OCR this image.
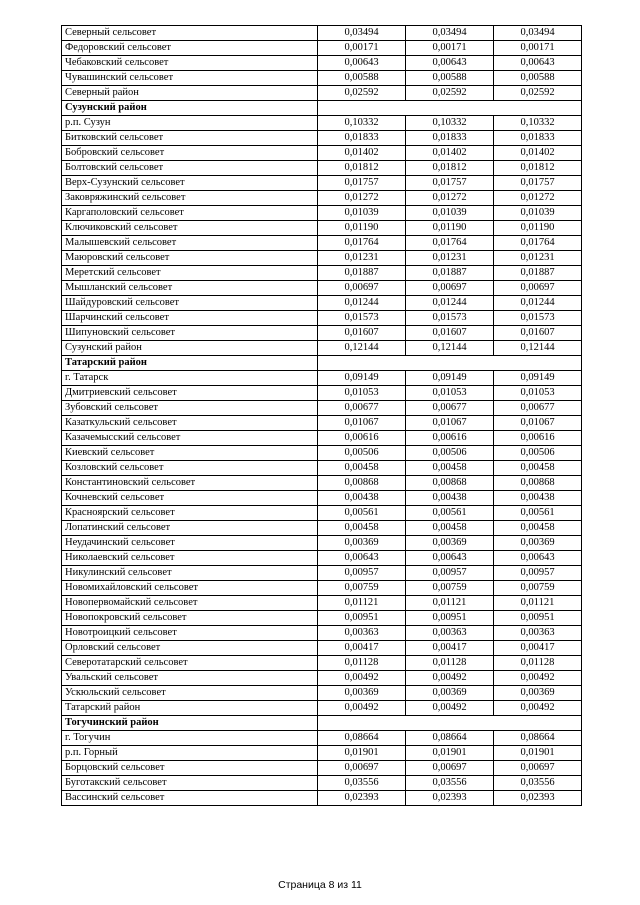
Северный сельсовет	0,03494	0,03494	0,03494
Федоровский сельсовет	0,00171	0,00171	0,00171
Чебаковский сельсовет	0,00643	0,00643	0,00643
Чувашинский сельсовет	0,00588	0,00588	0,00588
Северный район	0,02592	0,02592	0,02592
Сузунский район			
р.п. Сузун	0,10332	0,10332	0,10332
Битковский сельсовет	0,01833	0,01833	0,01833
Бобровский сельсовет	0,01402	0,01402	0,01402
Болтовский сельсовет	0,01812	0,01812	0,01812
Верх-Сузунский сельсовет	0,01757	0,01757	0,01757
Заковряжинский сельсовет	0,01272	0,01272	0,01272
Каргаполовский сельсовет	0,01039	0,01039	0,01039
Ключиковский сельсовет	0,01190	0,01190	0,01190
Малышевский сельсовет	0,01764	0,01764	0,01764
Маюровский сельсовет	0,01231	0,01231	0,01231
Меретский сельсовет	0,01887	0,01887	0,01887
Мышланский сельсовет	0,00697	0,00697	0,00697
Шайдуровский сельсовет	0,01244	0,01244	0,01244
Шарчинский сельсовет	0,01573	0,01573	0,01573
Шипуновский сельсовет	0,01607	0,01607	0,01607
Сузунский район	0,12144	0,12144	0,12144
Татарский район			
г. Татарск	0,09149	0,09149	0,09149
Дмитриевский сельсовет	0,01053	0,01053	0,01053
Зубовский сельсовет	0,00677	0,00677	0,00677
Казаткульский сельсовет	0,01067	0,01067	0,01067
Казачемысский сельсовет	0,00616	0,00616	0,00616
Киевский сельсовет	0,00506	0,00506	0,00506
Козловский сельсовет	0,00458	0,00458	0,00458
Константиновский сельсовет	0,00868	0,00868	0,00868
Кочневский сельсовет	0,00438	0,00438	0,00438
Краснoярский сельсовет	0,00561	0,00561	0,00561
Лопатинский сельсовет	0,00458	0,00458	0,00458
Неудачинский сельсовет	0,00369	0,00369	0,00369
Николаевский сельсовет	0,00643	0,00643	0,00643
Никулинский сельсовет	0,00957	0,00957	0,00957
Новомихайловский сельсовет	0,00759	0,00759	0,00759
Новопервомайский сельсовет	0,01121	0,01121	0,01121
Новопокровский сельсовет	0,00951	0,00951	0,00951
Новотроицкий сельсовет	0,00363	0,00363	0,00363
Орловский сельсовет	0,00417	0,00417	0,00417
Северотатарский сельсовет	0,01128	0,01128	0,01128
Увальский сельсовет	0,00492	0,00492	0,00492
Ускюльский сельсовет	0,00369	0,00369	0,00369
Татарский район	0,00492	0,00492	0,00492
Тогучинский район			
г. Тогучин	0,08664	0,08664	0,08664
р.п. Горный	0,01901	0,01901	0,01901
Борцовский сельсовет	0,00697	0,00697	0,00697
Буготакский сельсовет	0,03556	0,03556	0,03556
Вассинский сельсовет	0,02393	0,02393	0,02393
Страница 8 из 11
